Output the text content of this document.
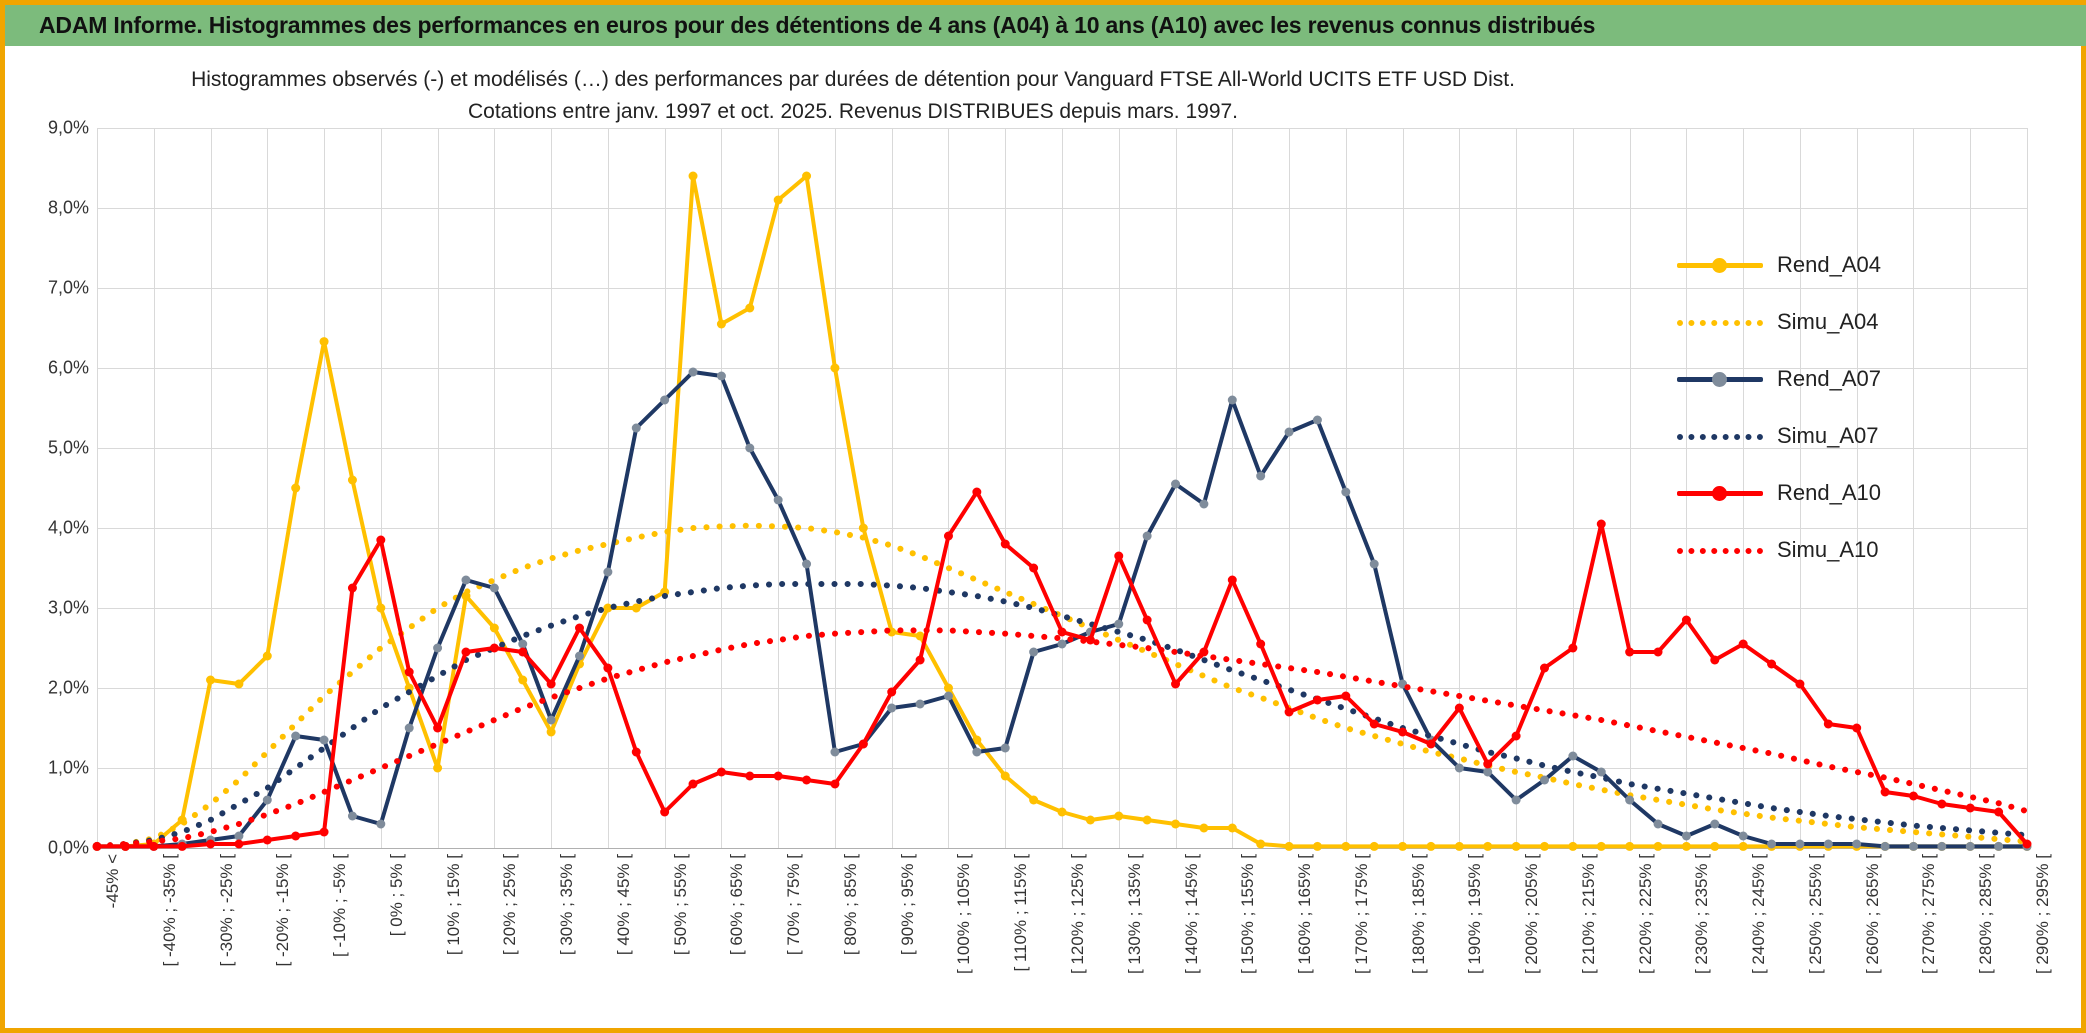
ADAM Informe. Histogrammes des performances en euros pour des détentions de 4 ans (A04) à 10 ans (A10) avec les revenus connus distribués
Histogrammes observés (-) et modélisés (…) des performances par durées de détention pour Vanguard FTSE All-World UCITS ETF USD Dist.
Cotations entre janv. 1997 et oct. 2025. Revenus DISTRIBUES depuis mars. 1997.
0,0%
1,0%
2,0%
3,0%
4,0%
5,0%
6,0%
7,0%
8,0%
9,0%
-45% < [ -40% ; -35% [ [ -30% ; -25% [ [ -20% ; -15% [ [ -10% ; -5% [ [ 0% ; 5% [ [ 10% ; 15% [ [ 20% ; 25% [ [ 30% ; 35% [ [ 40% ; 45% [ [ 50% ; 55% [ [ 60% ; 65% [ [ 70% ; 75% [ [ 80% ; 85% [ [ 90% ; 95% [ [ 100% ; 105% [ [ 110% ; 115% [ [ 120% ; 125% [ [ 130% ; 135% [ [ 140% ; 145% [ [ 150% ; 155% [ [ 160% ; 165% [ [ 170% ; 175% [ [ 180% ; 185% [ [ 190% ; 195% [ [ 200% ; 205% [ [ 210% ; 215% [ [ 220% ; 225% [ [ 230% ; 235% [ [ 240% ; 245% [ [ 250% ; 255% [ [ 260% ; 265% [ [ 270% ; 275% [ [ 280% ; 285% [ [ 290% ; 295% [
Rend_A04
Simu_A04
Rend_A07
Simu_A07
Rend_A10
Simu_A10
